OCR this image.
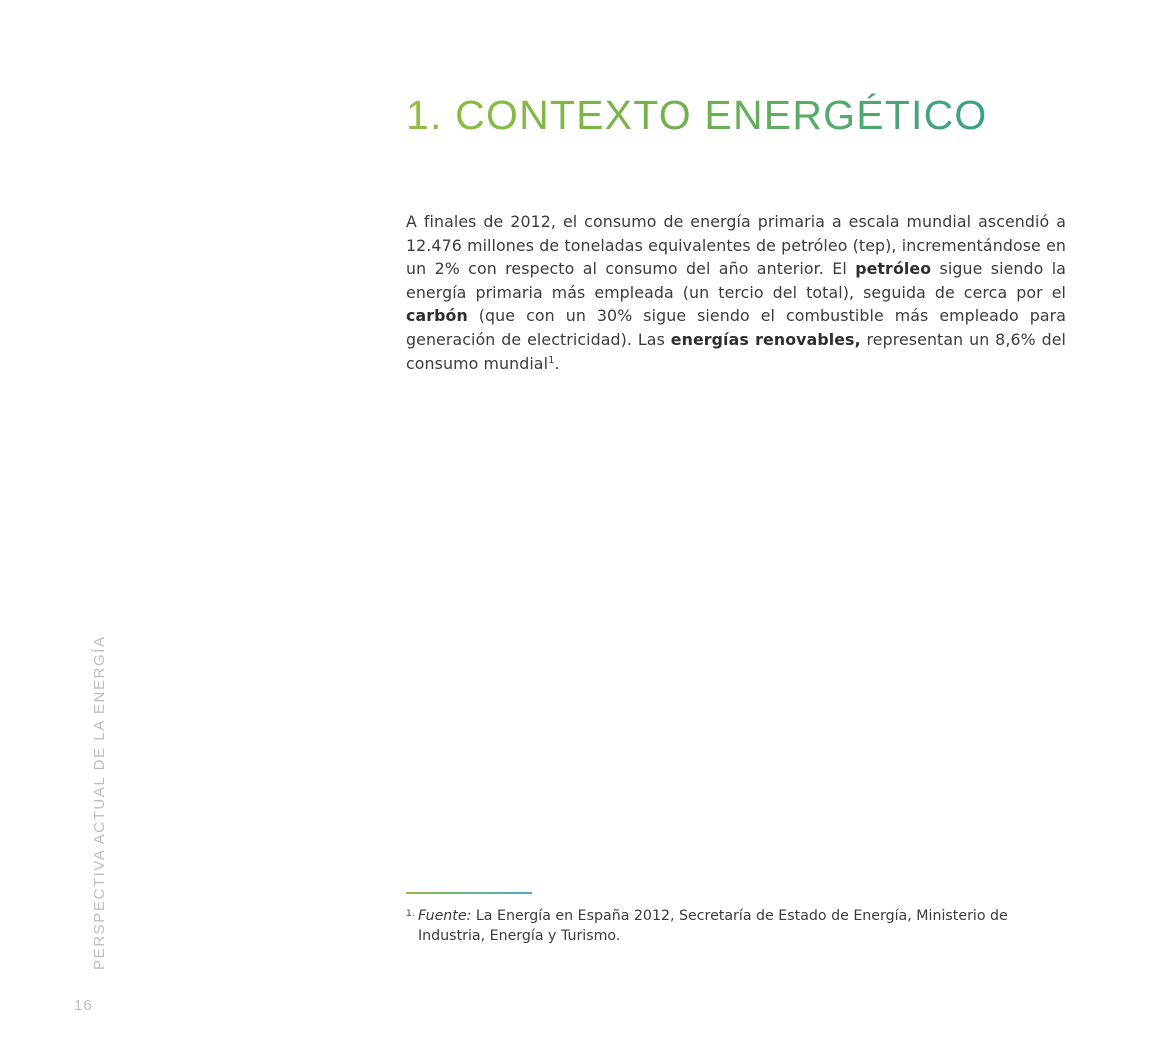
1. CONTEXTO ENERGÉTICO

A finales de 2012, el consumo de energía primaria a escala mundial ascendió a 12.476 millones de toneladas equivalentes de petróleo (tep), incrementándose en un 2% con respecto al consumo del año anterior. El petróleo sigue siendo la energía primaria más empleada (un tercio del total), seguida de cerca por el carbón (que con un 30% sigue siendo el combustible más empleado para generación de electricidad). Las energías renovables, representan un 8,6% del consumo mundial$^1$.

1. Fuente: La Energía en España 2012, Secretaría de Estado de Energía, Ministerio de Industria, Energía y Turismo.

PERSPECTIVA ACTUAL DE LA ENERGÍA

16
